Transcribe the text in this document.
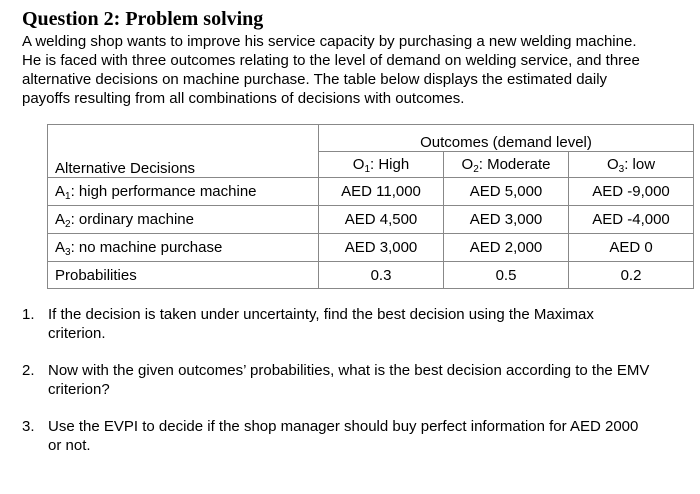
Question 2: Problem solving
A welding shop wants to improve his service capacity by purchasing a new welding machine.
He is faced with three outcomes relating to the level of demand on welding service, and three
alternative decisions on machine purchase. The table below displays the estimated daily
payoffs resulting from all combinations of decisions with outcomes.
Alternative Decisions	Outcomes (demand level)		
	$O_1$: High	$O_2$: Moderate	$O_3$: low
$A_1$: high performance machine	AED 11,000	AED 5,000	AED -9,000
$A_2$: ordinary machine	AED 4,500	AED 3,000	AED -4,000
$A_3$: no machine purchase	AED 3,000	AED 2,000	AED 0
Probabilities	0.3	0.5	0.2
1. If the decision is taken under uncertainty, find the best decision using the Maximax
criterion.
2. Now with the given outcomes’ probabilities, what is the best decision according to the EMV
criterion?
3. Use the EVPI to decide if the shop manager should buy perfect information for AED 2000
or not.
